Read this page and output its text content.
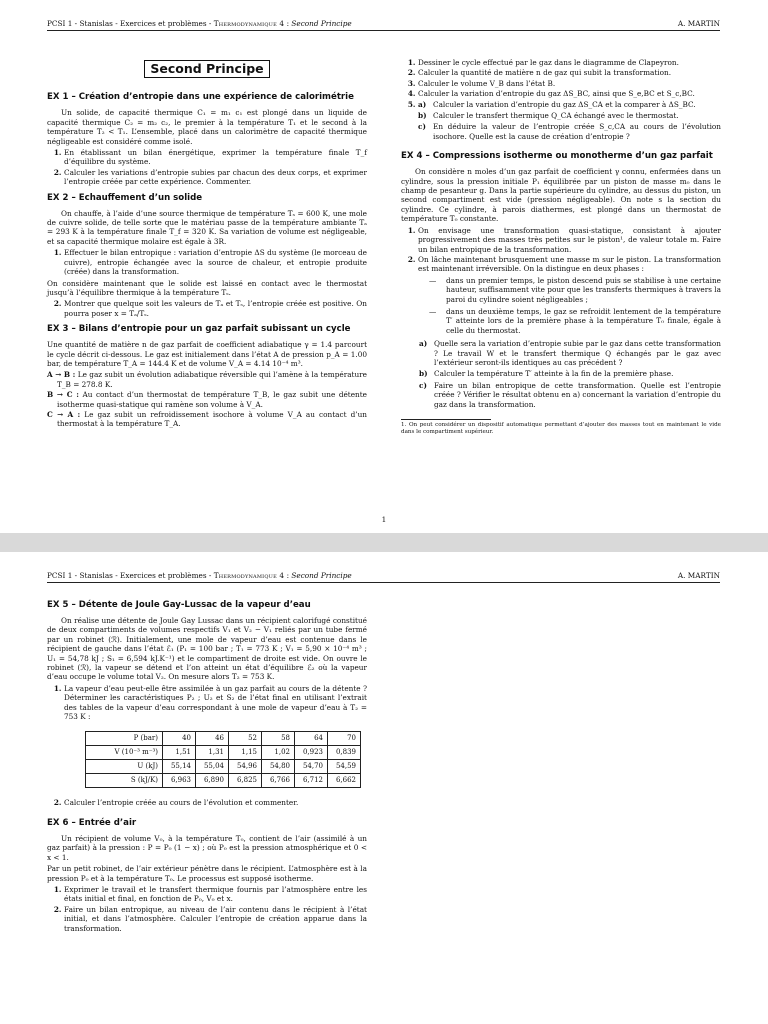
PCSI 1 - Stanislas - Exercices et problèmes - Thermodynamique 4 : Second Principe	A. MARTIN
Second Principe
EX 1 – Création d’entropie dans une expérience de calorimétrie

Un solide, de capacité thermique C₁ = m₁ c₁ est plongé dans un liquide de capacité thermique C₂ = m₂ c₂, le premier à la température T₁ et le second à la température T₂ < T₁. L’ensemble, placé dans un calorimètre de capacité thermique négligeable est considéré comme isolé.

1. En établissant un bilan énergétique, exprimer la température finale T_f d’équilibre du système.
2. Calculer les variations d’entropie subies par chacun des deux corps, et exprimer l’entropie créée par cette expérience. Commenter.
EX 2 – Echauffement d’un solide

On chauffe, à l’aide d’une source thermique de température Tₛ = 600 K, une mole de cuivre solide, de telle sorte que le matériau passe de la température ambiante Tₐ = 293 K à la température finale T_f = 320 K. Sa variation de volume est négligeable, et sa capacité thermique molaire est égale à 3R.

1. Effectuer le bilan entropique : variation d’entropie ΔS du système (le morceau de cuivre), entropie échangée avec la source de chaleur, et entropie produite (créée) dans la transformation.

On considère maintenant que le solide est laissé en contact avec le thermostat jusqu’à l’équilibre thermique à la température Tₛ.

2. Montrer que quelque soit les valeurs de Tₐ et Tₛ, l’entropie créée est positive. On pourra poser x = Tₐ/Tₛ.
EX 3 – Bilans d’entropie pour un gaz parfait subissant un cycle

Une quantité de matière n de gaz parfait de coefficient adiabatique γ = 1.4 parcourt le cycle décrit ci-dessous. Le gaz est initialement dans l’état A de pression p_A = 1.00 bar, de température T_A = 144.4 K et de volume V_A = 4.14 10⁻⁴ m³.

A → B : Le gaz subit un évolution adiabatique réversible qui l’amène à la température T_B = 278.8 K.
B → C : Au contact d’un thermostat de température T_B, le gaz subit une détente isotherme quasi-statique qui ramène son volume à V_A.
C → A : Le gaz subit un refroidissement isochore à volume V_A au contact d’un thermostat à la température T_A.
1. Dessiner le cycle effectué par le gaz dans le diagramme de Clapeyron.
2. Calculer la quantité de matière n de gaz qui subit la transformation.
3. Calculer le volume V_B dans l’état B.
4. Calculer la variation d’entropie du gaz ΔS_BC, ainsi que S_e,BC et S_c,BC.
5. a) Calculer la variation d’entropie du gaz ΔS_CA et la comparer à ΔS_BC.
b) Calculer le transfert thermique Q_CA échangé avec le thermostat.
c) En déduire la valeur de l’entropie créée S_c,CA au cours de l’évolution isochore. Quelle est la cause de création d’entropie ?
EX 4 – Compressions isotherme ou monotherme d’un gaz parfait

On considère n moles d’un gaz parfait de coefficient γ connu, enfermées dans un cylindre, sous la pression initiale P₁ équilibrée par un piston de masse m₀ dans le champ de pesanteur g. Dans la partie supérieure du cylindre, au dessus du piston, un second compartiment est vide (pression négligeable). On note s la section du cylindre. Ce cylindre, à parois diathermes, est plongé dans un thermostat de température T₀ constante.

1. On envisage une transformation quasi-statique, consistant à ajouter progressivement des masses très petites sur le piston¹, de valeur totale m. Faire un bilan entropique de la transformation.
2. On lâche maintenant brusquement une masse m sur le piston. La transformation est maintenant irréversible. On la distingue en deux phases :
— dans un premier temps, le piston descend puis se stabilise à une certaine hauteur, suffisamment vite pour que les transferts thermiques à travers la paroi du cylindre soient négligeables ;
— dans un deuxième temps, le gaz se refroidit lentement de la température T′ atteinte lors de la première phase à la température T₀ finale, égale à celle du thermostat.
a) Quelle sera la variation d’entropie subie par le gaz dans cette transformation ? Le travail W et le transfert thermique Q échangés par le gaz avec l’extérieur seront-ils identiques au cas précédent ?
b) Calculer la température T′ atteinte à la fin de la première phase.
c) Faire un bilan entropique de cette transformation. Quelle est l’entropie créée ? Vérifier le résultat obtenu en a) concernant la variation d’entropie du gaz dans la transformation.
1. On peut considérer un dispositif automatique permettant d’ajouter des masses tout en maintenant le vide dans le compartiment supérieur.
1
PCSI 1 - Stanislas - Exercices et problèmes - Thermodynamique 4 : Second Principe	A. MARTIN
EX 5 – Détente de Joule Gay-Lussac de la vapeur d’eau

On réalise une détente de Joule Gay Lussac dans un récipient calorifugé constitué de deux compartiments de volumes respectifs V₁ et V₂ − V₁ reliés par un tube fermé par un robinet (ℛ). Initialement, une mole de vapeur d’eau est contenue dans le récipient de gauche dans l’état ℰ₁ (P₁ = 100 bar ; T₁ = 773 K ; V₁ = 5,90 × 10⁻⁴ m³ ; U₁ = 54,78 kJ ; S₁ = 6,594 kJ.K⁻¹) et le compartiment de droite est vide. On ouvre le robinet (ℛ), la vapeur se détend et l’on atteint un état d’équilibre ℰ₂ où la vapeur d’eau occupe le volume total V₂. On mesure alors T₂ = 753 K.

1. La vapeur d’eau peut-elle être assimilée à un gaz parfait au cours de la détente ? Déterminer les caractéristiques P₂ ; U₂ et S₂ de l’état final en utilisant l’extrait des tables de la vapeur d’eau correspondant à une mole de vapeur d’eau à T₂ = 753 K :
P (bar)	40	46	52	58	64	70
V (10⁻³ m⁻³)	1,51	1,31	1,15	1,02	0,923	0,839
U (kJ)	55,14	55,04	54,96	54,80	54,70	54,59
S (kJ/K)	6,963	6,890	6,825	6,766	6,712	6,662
2. Calculer l’entropie créée au cours de l’évolution et commenter.
EX 6 – Entrée d’air

Un récipient de volume V₀, à la température T₀, contient de l’air (assimilé à un gaz parfait) à la pression : P = P₀ (1 − x) ; où P₀ est la pression atmosphérique et 0 < x < 1.

Par un petit robinet, de l’air extérieur pénètre dans le récipient. L’atmosphère est à la pression P₀ et à la température T₀. Le processus est supposé isotherme.

1. Exprimer le travail et le transfert thermique fournis par l’atmosphère entre les états initial et final, en fonction de P₀, V₀ et x.
2. Faire un bilan entropique, au niveau de l’air contenu dans le récipient à l’état initial, et dans l’atmosphère. Calculer l’entropie de création apparue dans la transformation.
